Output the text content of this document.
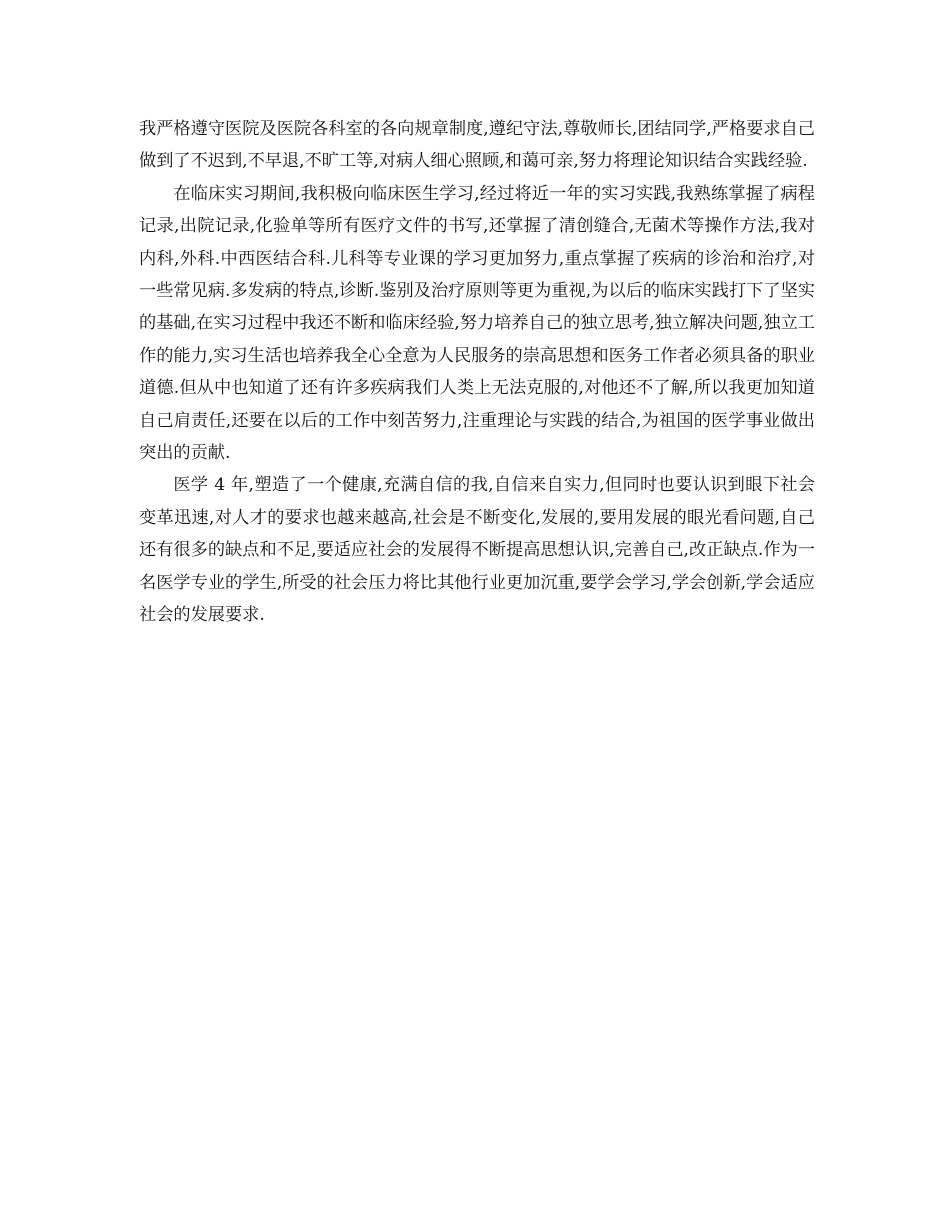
我严格遵守医院及医院各科室的各向规章制度,遵纪守法,尊敬师长,团结同学,严格要求自己做到了不迟到,不早退,不旷工等,对病人细心照顾,和蔼可亲,努力将理论知识结合实践经验.

在临床实习期间,我积极向临床医生学习,经过将近一年的实习实践,我熟练掌握了病程记录,出院记录,化验单等所有医疗文件的书写,还掌握了清创缝合,无菌术等操作方法,我对内科,外科.中西医结合科.儿科等专业课的学习更加努力,重点掌握了疾病的诊治和治疗,对一些常见病.多发病的特点,诊断.鉴别及治疗原则等更为重视,为以后的临床实践打下了坚实的基础,在实习过程中我还不断和临床经验,努力培养自己的独立思考,独立解决问题,独立工作的能力,实习生活也培养我全心全意为人民服务的崇高思想和医务工作者必须具备的职业道德.但从中也知道了还有许多疾病我们人类上无法克服的,对他还不了解,所以我更加知道自己肩责任,还要在以后的工作中刻苦努力,注重理论与实践的结合,为祖国的医学事业做出突出的贡献.

医学 4 年,塑造了一个健康,充满自信的我,自信来自实力,但同时也要认识到眼下社会变革迅速,对人才的要求也越来越高,社会是不断变化,发展的,要用发展的眼光看问题,自己还有很多的缺点和不足,要适应社会的发展得不断提高思想认识,完善自己,改正缺点.作为一名医学专业的学生,所受的社会压力将比其他行业更加沉重,要学会学习,学会创新,学会适应社会的发展要求.
